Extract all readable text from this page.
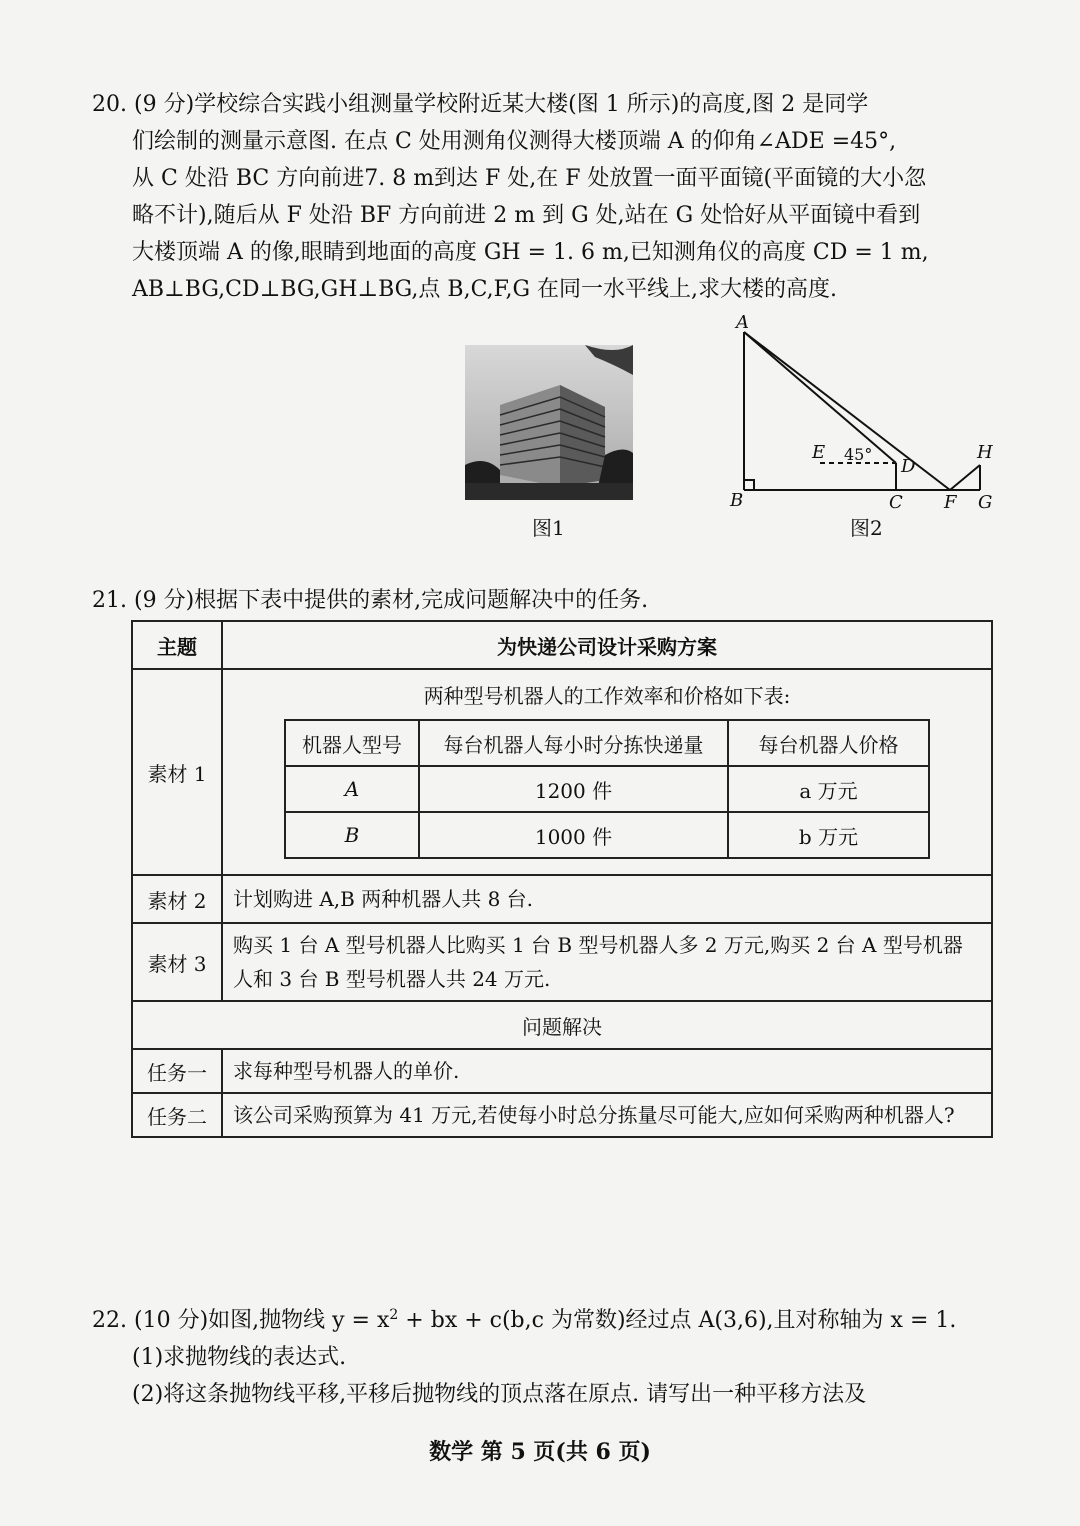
20. (9 分)学校综合实践小组测量学校附近某大楼(图 1 所示)的高度,图 2 是同学

们绘制的测量示意图. 在点 C 处用测角仪测得大楼顶端 A 的仰角∠ADE =45°,
从 C 处沿 BC 方向前进7. 8 m到达 F 处,在 F 处放置一面平面镜(平面镜的大小忽
略不计),随后从 F 处沿 BF 方向前进 2 m 到 G 处,站在 G 处恰好从平面镜中看到
大楼顶端 A 的像,眼睛到地面的高度 GH = 1. 6 m,已知测角仪的高度 CD = 1 m,
AB⊥BG,CD⊥BG,GH⊥BG,点 B,C,F,G 在同一水平线上,求大楼的高度.
图1
A
B	C
D
E
F G
H
45°
图2
21. (9 分)根据下表中提供的素材,完成问题解决中的任务.
主题	为快递公司设计采购方案
素材 1	
两种型号机器人的工作效率和价格如下表:
机器人型号	每台机器人每小时分拣快递量	每台机器人价格
A	1200 件	a 万元
B	1000 件	b 万元

素材 2	计划购进 A,B 两种机器人共 8 台.
素材 3	购买 1 台 A 型号机器人比购买 1 台 B 型号机器人多 2 万元,购买 2 台 A 型号机器人和 3 台 B 型号机器人共 24 万元.
问题解决
任务一	求每种型号机器人的单价.
任务二	该公司采购预算为 41 万元,若使每小时总分拣量尽可能大,应如何采购两种机器人?
22. (10 分)如图,抛物线 $y = x^2$ + bx + c(b,c 为常数)经过点 A(3,6),且对称轴为 x = 1.

(1)求抛物线的表达式.
(2)将这条抛物线平移,平移后抛物线的顶点落在原点. 请写出一种平移方法及
数学 第 5 页(共 6 页)
